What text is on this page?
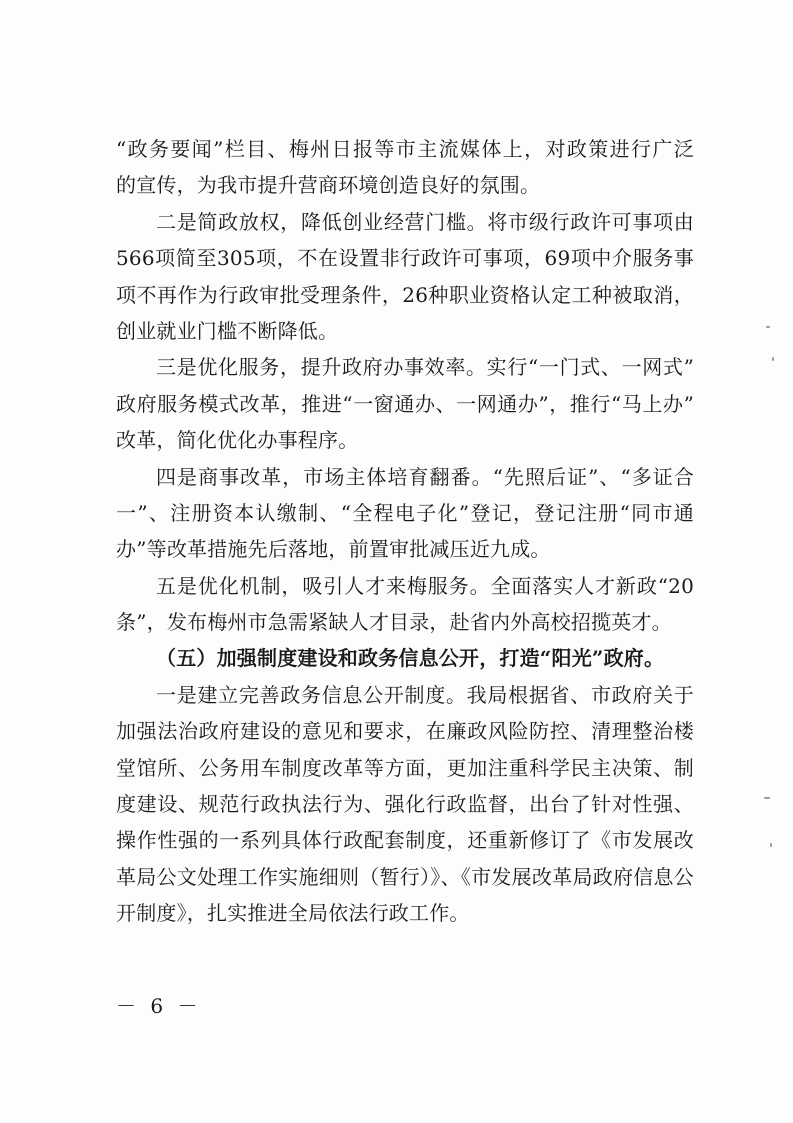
“政务要闻”栏目、梅州日报等市主流媒体上，对政策进行广泛
的宣传，为我市提升营商环境创造良好的氛围。
二是简政放权，降低创业经营门槛。将市级行政许可事项由
566项简至305项，不在设置非行政许可事项，69项中介服务事
项不再作为行政审批受理条件，26种职业资格认定工种被取消，
创业就业门槛不断降低。
三是优化服务，提升政府办事效率。实行“一门式、一网式”
政府服务模式改革，推进“一窗通办、一网通办”，推行“马上办”
改革，简化优化办事程序。
四是商事改革，市场主体培育翻番。“先照后证”、“多证合
一”、注册资本认缴制、“全程电子化”登记，登记注册“同市通
办”等改革措施先后落地，前置审批减压近九成。
五是优化机制，吸引人才来梅服务。全面落实人才新政“20
条”，发布梅州市急需紧缺人才目录，赴省内外高校招揽英才。
（五）加强制度建设和政务信息公开，打造“阳光”政府。
一是建立完善政务信息公开制度。我局根据省、市政府关于
加强法治政府建设的意见和要求，在廉政风险防控、清理整治楼
堂馆所、公务用车制度改革等方面，更加注重科学民主决策、制
度建设、规范行政执法行为、强化行政监督，出台了针对性强、
操作性强的一系列具体行政配套制度，还重新修订了《市发展改
革局公文处理工作实施细则（暂行）》、《市发展改革局政府信息公
开制度》，扎实推进全局依法行政工作。
－ 6 －
